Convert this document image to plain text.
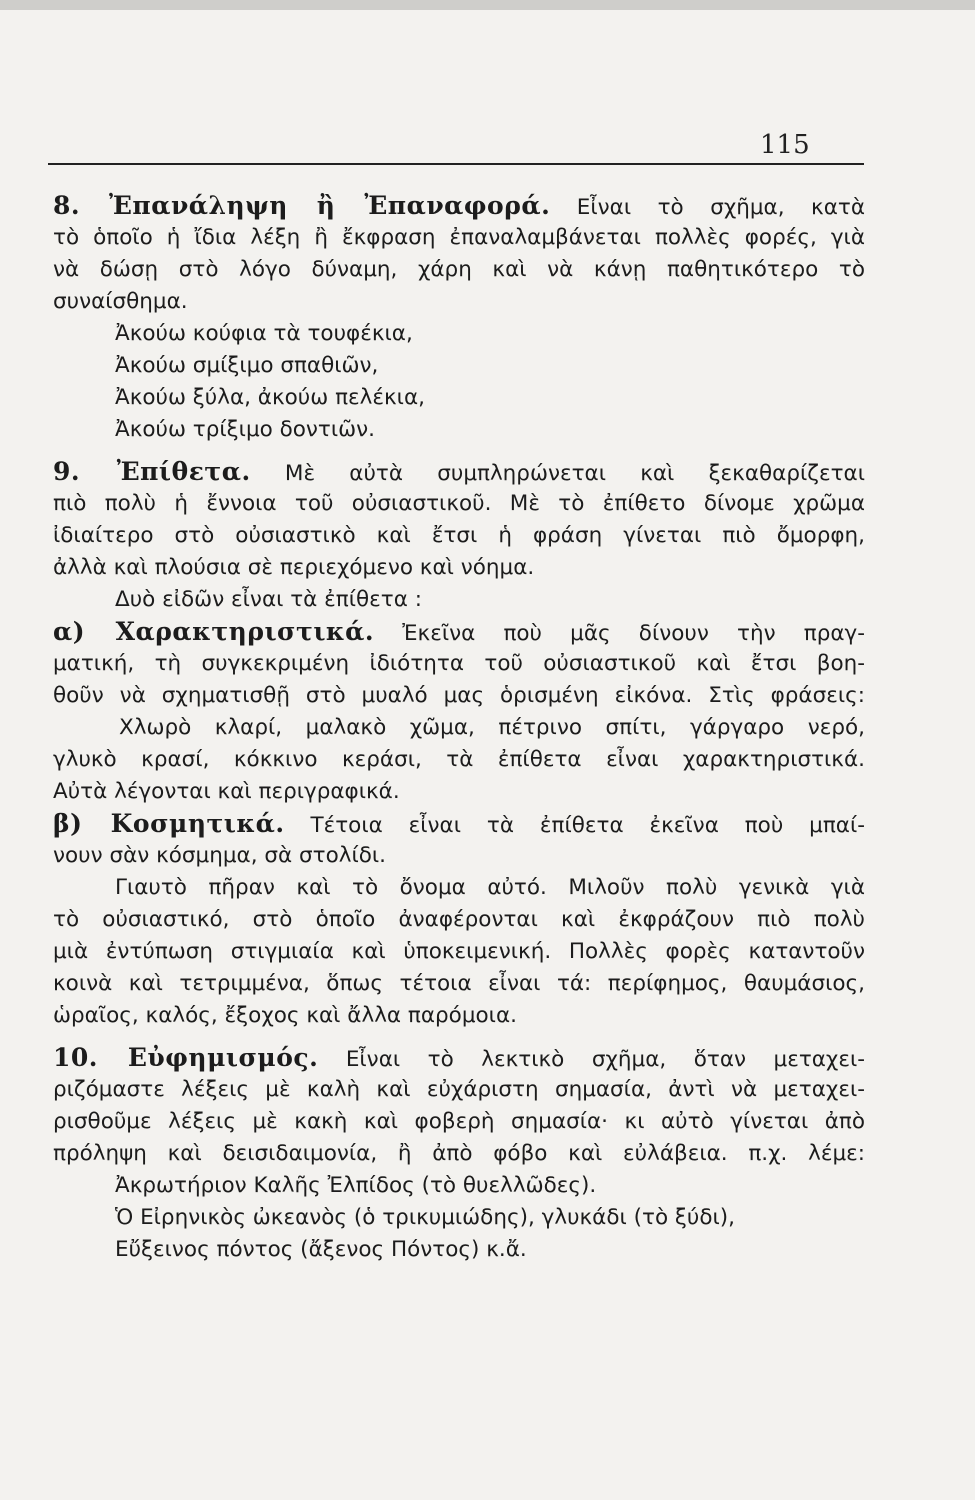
115
8. Ἐπανάληψη ἢ Ἐπαναφορά. Εἶναι τὸ σχῆμα, κατὰ
τὸ ὁποῖο ἡ ἴδια λέξη ἢ ἔκφραση ἐπαναλαμβάνεται πολλὲς φορές, γιὰ
νὰ δώσῃ στὸ λόγο δύναμη, χάρη καὶ νὰ κάνῃ παθητικότερο τὸ
συναίσθημα.
Ἀκούω κούφια τὰ τουφέκια,
Ἀκούω σμίξιμο σπαθιῶν,
Ἀκούω ξύλα, ἀκούω πελέκια,
Ἀκούω τρίξιμο δοντιῶν.
9. Ἐπίθετα. Μὲ αὐτὰ συμπληρώνεται καὶ ξεκαθαρίζεται
πιὸ πολὺ ἡ ἔννοια τοῦ οὐσιαστικοῦ. Μὲ τὸ ἐπίθετο δίνομε χρῶμα
ἰδιαίτερο στὸ οὐσιαστικὸ καὶ ἔτσι ἡ φράση γίνεται πιὸ ὄμορφη,
ἀλλὰ καὶ πλούσια σὲ περιεχόμενο καὶ νόημα.
Δυὸ εἰδῶν εἶναι τὰ ἐπίθετα :
α) Χαρακτηριστικά. Ἐκεῖνα ποὺ μᾶς δίνουν τὴν πραγ-
ματική, τὴ συγκεκριμένη ἰδιότητα τοῦ οὐσιαστικοῦ καὶ ἔτσι βοη-
θοῦν νὰ σχηματισθῇ στὸ μυαλό μας ὁρισμένη εἰκόνα. Στὶς φράσεις:
Χλωρὸ κλαρί, μαλακὸ χῶμα, πέτρινο σπίτι, γάργαρο νερό,
γλυκὸ κρασί, κόκκινο κεράσι, τὰ ἐπίθετα εἶναι χαρακτηριστικά.
Αὐτὰ λέγονται καὶ περιγραφικά.
β) Κοσμητικά. Τέτοια εἶναι τὰ ἐπίθετα ἐκεῖνα ποὺ μπαί-
νουν σὰν κόσμημα, σὰ στολίδι.
Γιαυτὸ πῆραν καὶ τὸ ὄνομα αὐτό. Μιλοῦν πολὺ γενικὰ γιὰ
τὸ οὐσιαστικό, στὸ ὁποῖο ἀναφέρονται καὶ ἐκφράζουν πιὸ πολὺ
μιὰ ἐντύπωση στιγμιαία καὶ ὑποκειμενική. Πολλὲς φορὲς καταντοῦν
κοινὰ καὶ τετριμμένα, ὅπως τέτοια εἶναι τά: περίφημος, θαυμάσιος,
ὡραῖος, καλός, ἔξοχος καὶ ἄλλα παρόμοια.
10. Εὐφημισμός. Εἶναι τὸ λεκτικὸ σχῆμα, ὅταν μεταχει-
ριζόμαστε λέξεις μὲ καλὴ καὶ εὐχάριστη σημασία, ἀντὶ νὰ μεταχει-
ρισθοῦμε λέξεις μὲ κακὴ καὶ φοβερὴ σημασία· κι αὐτὸ γίνεται ἀπὸ
πρόληψη καὶ δεισιδαιμονία, ἢ ἀπὸ φόβο καὶ εὐλάβεια. π.χ. λέμε:
Ἀκρωτήριον Καλῆς Ἐλπίδος (τὸ θυελλῶδες).
Ὁ Εἰρηνικὸς ὠκεανὸς (ὁ τρικυμιώδης), γλυκάδι (τὸ ξύδι),
Εὔξεινος πόντος (ἄξενος Πόντος) κ.ἄ.
